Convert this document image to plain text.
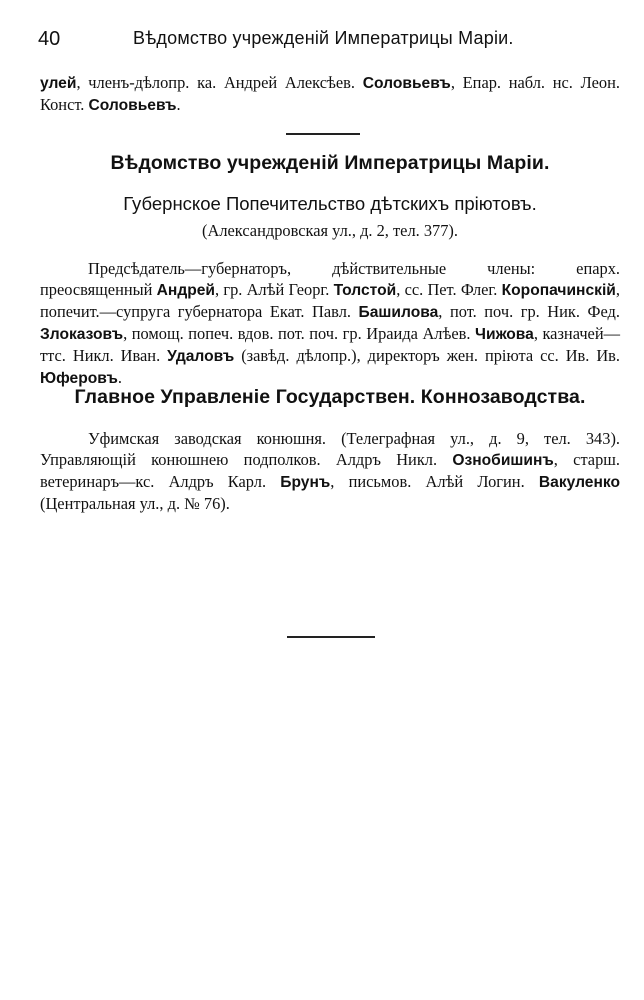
40	Вѣдомство учрежденій Императрицы Маріи.

улей, членъ-дѣлопр. ка. Андрей Алексѣев. Соловьевъ, Епар. набл. нс. Леон. Конст. Соловьевъ.

Вѣдомство учрежденій Императрицы Маріи.
Губернское Попечительство дѣтскихъ пріютовъ.
(Александровская ул., д. 2, тел. 377).

Предсѣдатель—губернаторъ, дѣйствительные члены: епарх. преосвященный Андрей, гр. Алѣй Георг. Толстой, сс. Пет. Флег. Коропачинскій, попечит.—супруга губернатора Екат. Павл. Башилова, пот. поч. гр. Ник. Фед. Злоказовъ, помощ. попеч. вдов. пот. поч. гр. Ираида Алѣев. Чижова, казначей—ттс. Никл. Иван. Удаловъ (завѣд. дѣлопр.), директоръ жен. пріюта сс. Ив. Ив. Юферовъ.

Главное Управленіе Государствен. Коннозаводства.

Уфимская заводская конюшня. (Телеграфная ул., д. 9, тел. 343). Управляющій конюшнею подполков. Алдръ Никл. Ознобишинъ, старш. ветеринаръ—кс. Алдръ Карл. Брунъ, письмов. Алѣй Логин. Вакуленко (Центральная ул., д. № 76).
